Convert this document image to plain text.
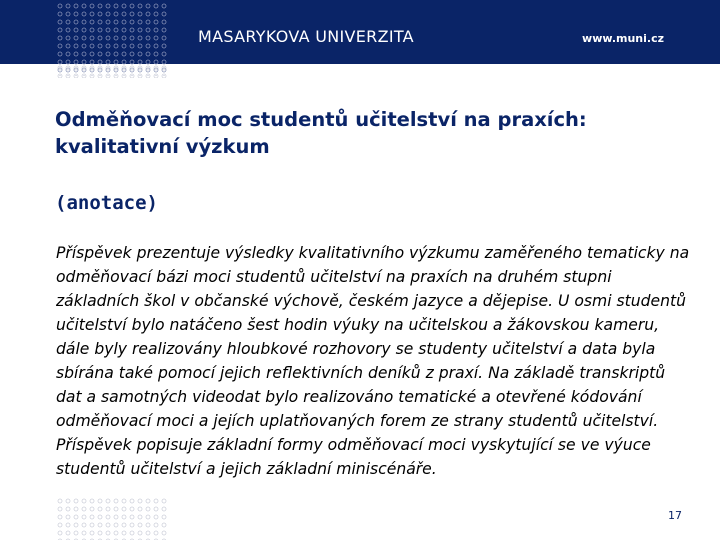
MASARYKOVA UNIVERZITA	www.muni.cz
Odměňovací moc studentů učitelství na praxích: kvalitativní výzkum
(anotace)
Příspěvek prezentuje výsledky kvalitativního výzkumu zaměřeného tematicky na odměňovací bázi moci studentů učitelství na praxích na druhém stupni základních škol v občanské výchově, českém jazyce a dějepise. U osmi studentů učitelství bylo natáčeno šest hodin výuky na učitelskou a žákovskou kameru, dále byly realizovány hloubkové rozhovory se studenty učitelství a data byla sbírána také pomocí jejich reflektivních deníků z praxí. Na základě transkriptů dat a samotných videodat bylo realizováno tematické a otevřené kódování odměňovací moci a jejích uplatňovaných forem ze strany studentů učitelství. Příspěvek popisuje základní formy odměňovací moci vyskytující se ve výuce studentů učitelství a jejich základní miniscénáře.
17
